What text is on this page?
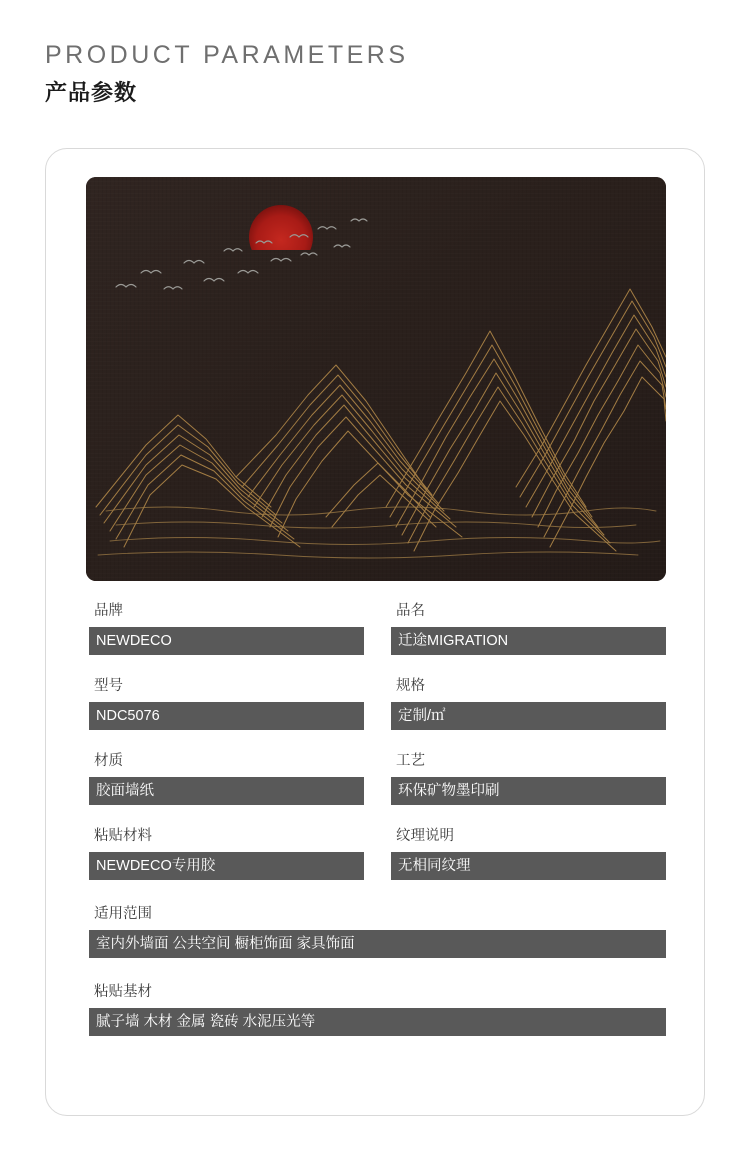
PRODUCT PARAMETERS
产品参数
品牌
NEWDECO
品名
迁途MIGRATION
型号
NDC5076
规格
定制/㎡
材质
胶面墙纸
工艺
环保矿物墨印刷
粘贴材料
NEWDECO专用胶
纹理说明
无相同纹理
适用范围
室内外墙面 公共空间 橱柜饰面 家具饰面
粘贴基材
腻子墙 木材 金属 瓷砖 水泥压光等
